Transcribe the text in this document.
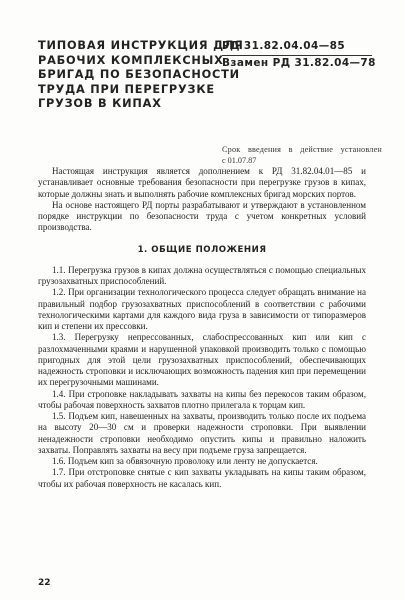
ТИПОВАЯ ИНСТРУКЦИЯ ДЛЯ
РАБОЧИХ КОМПЛЕКСНЫХ
БРИГАД ПО БЕЗОПАСНОСТИ
ТРУДА ПРИ ПЕРЕГРУЗКЕ
ГРУЗОВ В КИПАХ
РД 31.82.04.04—85
Взамен РД 31.82.04—78
Срок введения в действие установлен
с 01.07.87

Настоящая инструкция является дополнением к РД 31.82.04.01—85 и устанавливает основные требования безопасности при перегрузке грузов в кипах, которые должны знать и выполнять рабочие комплексных бригад морских портов.

На основе настоящего РД порты разрабатывают и утверждают в установленном порядке инструкции по безопасности труда с учетом конкретных условий производства.

1. ОБЩИЕ ПОЛОЖЕНИЯ

1.1. Перегрузка грузов в кипах должна осуществляться с помощью специальных грузозахватных приспособлений.

1.2. При организации технологического процесса следует обращать внимание на правильный подбор грузозахватных приспособлений в соответствии с рабочими технологическими картами для каждого вида груза в зависимости от типоразмеров кип и степени их прессовки.

1.3. Перегрузку непрессованных, слабоспрессованных кип или кип с разлохмаченными краями и нарушенной упаковкой производить только с помощью пригодных для этой цели грузозахватных приспособлений, обеспечивающих надежность строповки и исключающих возможность падения кип при перемещении их перегрузочными машинами.

1.4. При строповке накладывать захваты на кипы без перекосов таким образом, чтобы рабочая поверхность захватов плотно прилегала к торцам кип.

1.5. Подъем кип, навешенных на захваты, производить только после их подъема на высоту 20—30 см и проверки надежности строповки. При выявлении ненадежности строповки необходимо опустить кипы и правильно наложить захваты. Поправлять захваты на весу при подъеме груза запрещается.

1.6. Подъем кип за обвязочную проволоку или ленту не допускается.

1.7. При отстроповке снятые с кип захваты укладывать на кипы таким образом, чтобы их рабочая поверхность не касалась кип.

22
